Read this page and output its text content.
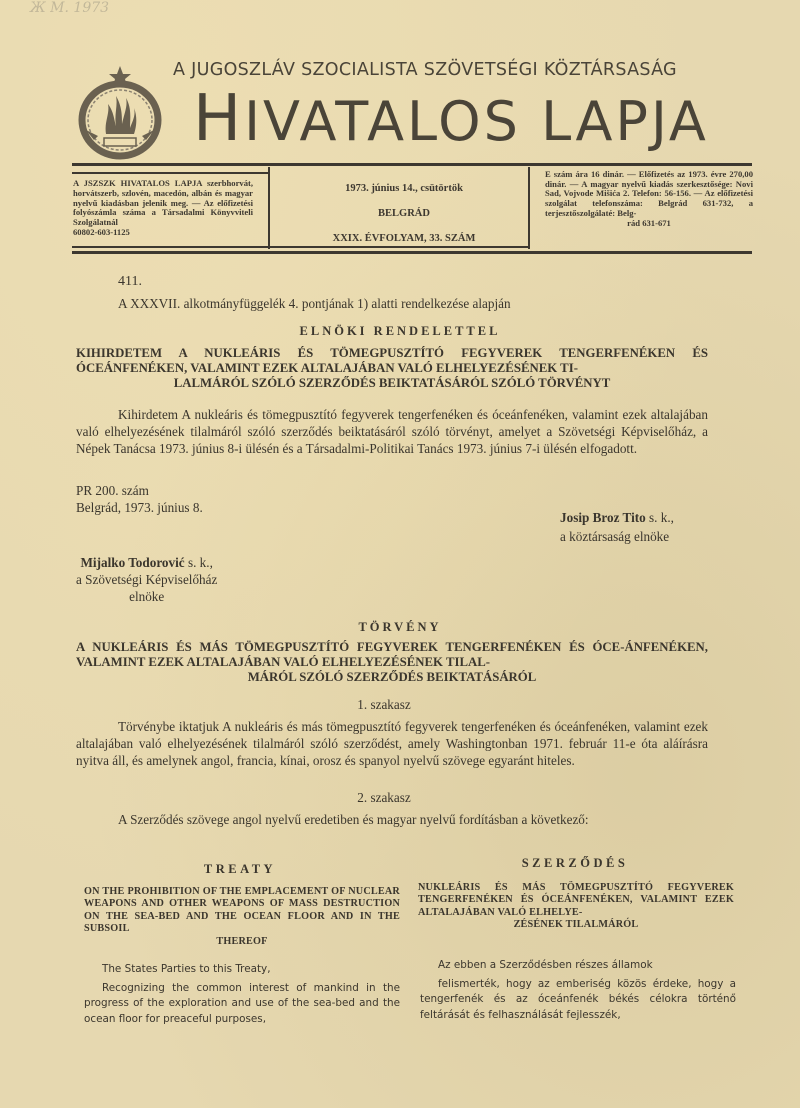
Ж М. 1973
A JUGOSZLÁV SZOCIALISTA SZÖVETSÉGI KÖZTÁRSASÁG
HIVATALOS LAPJA
A JSZSZK HIVATALOS LAPJA szerbhorvát, horvátszerb, szlovén, macedón, albán és magyar nyelvű kiadásban jelenik meg. — Az előfizetési folyószámla száma a Társadalmi Könyvviteli Szolgálatnál
60802-603-1125
1973. június 14., csütörtök
BELGRÁD
XXIX. ÉVFOLYAM, 33. SZÁM
E szám ára 16 dinár. — Előfizetés az 1973. évre 270,00 dinár. — A magyar nyelvű kiadás szerkesztősége: Novi Sad, Vojvode Mišića 2. Telefon: 56-156. — Az előfizetési szolgálat telefonszáma: Belgrád 631-732, a terjesztőszolgálaté: Belg-
rád 631-671
411.
A XXXVII. alkotmányfüggelék 4. pontjának 1) alatti rendelkezése alapján
ELNÖKI RENDELETTEL
KIHIRDETEM A NUKLEÁRIS ÉS TÖMEGPUSZTÍTÓ FEGYVEREK TENGERFENÉKEN ÉS ÓCEÁNFENÉKEN, VALAMINT EZEK ALTALAJÁBAN VALÓ ELHELYEZÉSÉNEK TI-
LALMÁRÓL SZÓLÓ SZERZŐDÉS BEIKTATÁSÁRÓL SZÓLÓ TÖRVÉNYT
Kihirdetem A nukleáris és tömegpusztító fegyverek tengerfenéken és óceánfenéken, valamint ezek altalajában való elhelyezésének tilalmáról szóló szerződés beiktatásáról szóló törvényt, amelyet a Szövetségi Képviselőház, a Népek Tanácsa 1973. június 8-i ülésén és a Társadalmi-Politikai Tanács 1973. június 7-i ülésén elfogadott.
PR 200. szám
Belgrád, 1973. június 8.
Josip Broz Tito s. k.,
a köztársaság elnöke
Mijalko Todorović s. k.,
a Szövetségi Képviselőház
elnöke
TÖRVÉNY
A NUKLEÁRIS ÉS MÁS TÖMEGPUSZTÍTÓ FEGYVEREK TENGERFENÉKEN ÉS ÓCE-ÁNFENÉKEN, VALAMINT EZEK ALTALAJÁBAN VALÓ ELHELYEZÉSÉNEK TILAL-
MÁRÓL SZÓLÓ SZERZŐDÉS BEIKTATÁSÁRÓL
1. szakasz
Törvénybe iktatjuk A nukleáris és más tömegpusztító fegyverek tengerfenéken és óceánfenéken, valamint ezek altalajában való elhelyezésének tilalmáról szóló szerződést, amely Washingtonban 1971. február 11-e óta aláírásra nyitva áll, és amelynek angol, francia, kínai, orosz és spanyol nyelvű szövege egyaránt hiteles.
2. szakasz
A Szerződés szövege angol nyelvű eredetiben és magyar nyelvű fordításban a következő:
TREATY
ON THE PROHIBITION OF THE EMPLACEMENT OF NUCLEAR WEAPONS AND OTHER WEAPONS OF MASS DESTRUCTION ON THE SEA-BED AND THE OCEAN FLOOR AND IN THE SUBSOIL
THEREOF

The States Parties to this Treaty,

Recognizing the common interest of mankind in the progress of the exploration and use of the sea-bed and the ocean floor for preaceful purposes,

SZERZŐDÉS
NUKLEÁRIS ÉS MÁS TÖMEGPUSZTÍTÓ FEGYVEREK TENGERFENÉKEN ÉS ÓCEÁNFENÉKEN, VALAMINT EZEK ALTALAJÁBAN VALÓ ELHELYE-
ZÉSÉNEK TILALMÁRÓL

Az ebben a Szerződésben részes államok

felismerték, hogy az emberiség közös érdeke, hogy a tengerfenék és az óceánfenék békés célokra történő feltárását és felhasználását fejlesszék,
